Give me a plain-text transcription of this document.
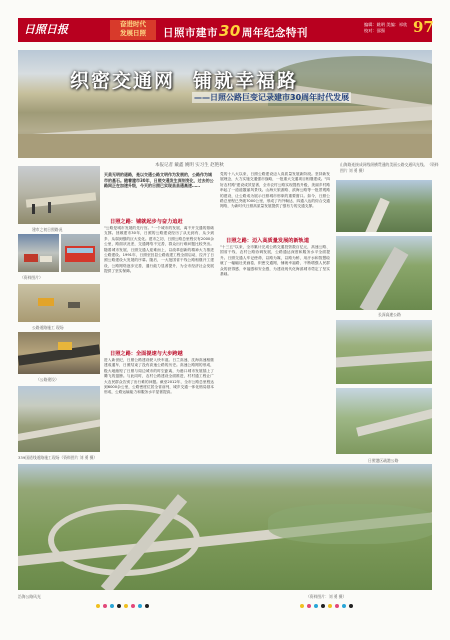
日照日报	奋进时代
发展日照	日照市建市30周年纪念特刊
编辑：姚明 美编：祁欣 校对：邵强	97
织密交通网 铺就幸福路
——日照公路巨变记录建市30周年时代发展
本报记者 戴鑫 姚明 实习生 赵艳秋	山海路连接成网线纵横贯通的美丽公路交通风光线。（资料图片 刘 勇 摄）
建市之初日照路况
（资料图片）
公路道路施工 现场
（公路建设）
339国道线道路施工现场（资料图片 刘 勇 摄）
天美无明的道路，是以交通公路文明作为发展的，公路作为城市的基石。随着建市30年，日照交通发生深刻变化，过去的公路网正在加速升级，今天的日照已实现县县通高速……
日照之路：铺就起步与奋力追赶
"公路是城市发展的先行官。"一个城市的发展，离不开交通的基础支撑。回顾建市30年，日照的公路建设经历了从无到有、从少到多、从弱到强的巨大变化。建市之初，日照公路总里程仅有2000余公里，路面状况差，交通网络不完善，群众出行难问题比较突出。随着城市发展，日照交通人迎难而上，以改革创新的精神大力推进公路建设。1991年，日照至莒县公路改建工程全面启动，拉开了日照公路建设大发展的序幕。随后，一大批国省干线公路相继开工建设，公路网络逐步完善，通行能力显著提升，为全市经济社会发展提供了坚实保障。
日照之路：全面提速与大步跨越
进入新世纪，日照公路建设驶入快车道。日兰高速、沈海高速相继建成通车，日照结束了没有高速公路的历史。高速公路网的形成，极大地缩短了日照与周边城市的时空距离，为港口城市发展插上了腾飞的翅膀。与此同时，农村公路建设全面推进，村村通工程让广大农民群众告别了出行难的问题。截至2012年，全市公路总里程达到6000余公里，公路密度位居全省前列，城乡交通一体化格局基本形成，公路运输能力和服务水平显著提高。
党的十八大以来，日照公路建设迈入高质量发展新阶段。坚持新发展理念，大力实施交通强市战略，一批重大交通项目相继建成。"四好农村路"建设成效显著，全市农村公路实现提档升级，美丽乡村路串起了一道道靓丽风景线。山海天旅游路、滨海公路等一批景观路的建设，让公路成为展示日照城市形象的重要窗口。如今，日照公路总里程已突破7000公里，形成了内外畅达、四通八达的综合交通网络，为新时代日照高质量发展提供了强有力的交通支撑。
日照之路：迈入高质量发展的新轨道
"十三五"以来，全市累计完成公路交通投资数百亿元，高速公路、国省干线、农村公路协调发展，公路通达深度和服务水平全面提升。日照交通人牢记使命，以路为媒，以路为桥，用汗水和智慧绘就了一幅幅壮美画卷，织密交通网，铺就幸福路，不断增强人民群众的获得感、幸福感和安全感，为建设现代化海滨城市奠定了坚实基础。
长深高速公路
日照港区疏港公路
（资料图片：刘 勇 摄）
沿海公路风光
